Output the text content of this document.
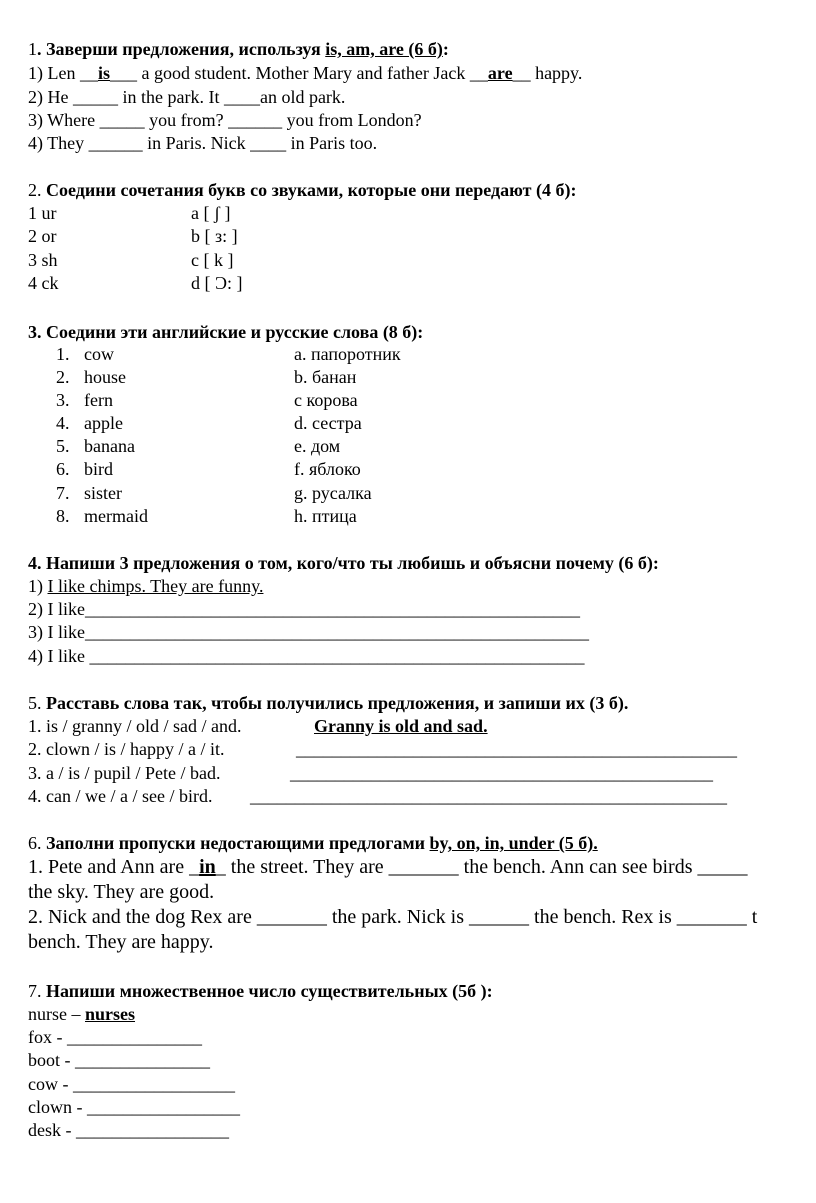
1. Заверши предложения, используя is, am, are (6 б):
1) Len __is___ a good student. Mother Mary and father Jack __are__ happy.
2) He _____ in the park. It ____an old park.
3) Where _____ you from? ______ you from London?
4) They ______ in Paris. Nick ____ in Paris too.
2. Соедини сочетания букв со звуками, которые они передают (4 б):
1 ur	a [ ʃ ]
2 or	b [ з: ]
3 sh	c [ k ]
4 ck	d [ Ɔ: ]
3. Соедини эти английские и русские слова (8 б):
1. cow	a. папоротник
2. house	b. банан
3. fern	c корова
4. apple	d. сестра
5. banana	e. дом
6. bird	f. яблоко
7. sister	g. русалка
8. mermaid	h. птица
4. Напиши 3 предложения о том, кого/что ты любишь и объясни почему (6 б):
1) I like chimps. They are funny.
2) I like_______________________________________________________
3) I like________________________________________________________
4) I like _______________________________________________________
5. Расставь слова так, чтобы получились предложения, и запиши их (3 б).
1. is / granny / old / sad / and.	Granny is old and sad.
2. clown / is / happy / a / it.	_________________________________________________
3. a / is / pupil / Pete / bad.	_______________________________________________
4. can / we / a / see / bird. _____________________________________________________
6. Заполни пропуски недостающими предлогами by, on, in, under (5 б).
1. Pete and Ann are _in_ the street. They are _______ the bench. Ann can see birds _____
the sky. They are good.
2. Nick and the dog Rex are _______ the park. Nick is ______ the bench. Rex is _______ t
bench. They are happy.
7. Напиши множественное число существительных (5б ):
nurse – nurses
fox - _______________
boot - _______________
cow - __________________
clown - _________________
desk - _________________
